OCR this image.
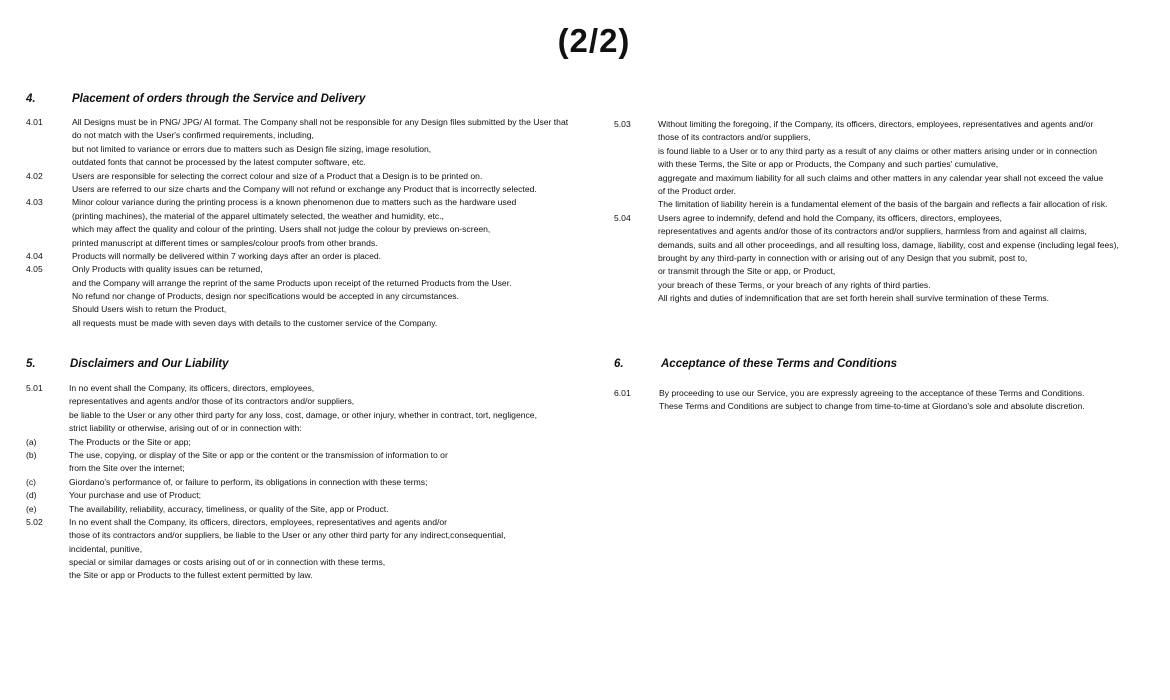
(2/2)
4.	Placement of orders through the Service and Delivery
4.01	All Designs must be in PNG/ JPG/ AI format. The Company shall not be responsible for any Design files submitted by the User that
do not match with the User's confirmed requirements, including,
but not limited to variance or errors due to matters such as Design file sizing, image resolution,
outdated fonts that cannot be processed by the latest computer software, etc.
4.02	Users are responsible for selecting the correct colour and size of a Product that a Design is to be printed on.
Users are referred to our size charts and the Company will not refund or exchange any Product that is incorrectly selected.
4.03	Minor colour variance during the printing process is a known phenomenon due to matters such as the hardware used
(printing machines), the material of the apparel ultimately selected, the weather and humidity, etc.,
which may affect the quality and colour of the printing. Users shall not judge the colour by previews on-screen,
printed manuscript at different times or samples/colour proofs from other brands.
4.04	Products will normally be delivered within 7 working days after an order is placed.
4.05	Only Products with quality issues can be returned,
and the Company will arrange the reprint of the same Products upon receipt of the returned Products from the User.
No refund nor change of Products, design nor specifications would be accepted in any circumstances.
Should Users wish to return the Product,
all requests must be made with seven days with details to the customer service of the Company.
5.	Disclaimers and Our Liability
5.01	In no event shall the Company, its officers, directors, employees,
representatives and agents and/or those of its contractors and/or suppliers,
be liable to the User or any other third party for any loss, cost, damage, or other injury, whether in contract, tort, negligence,
strict liability or otherwise, arising out of or in connection with:
(a)	The Products or the Site or app;
(b)	The use, copying, or display of the Site or app or the content or the transmission of information to or
from the Site over the internet;
(c)	Giordano's performance of, or failure to perform, its obligations in connection with these terms;
(d)	Your purchase and use of Product;
(e)	The availability, reliability, accuracy, timeliness, or quality of the Site, app or Product.
5.02	In no event shall the Company, its officers, directors, employees, representatives and agents and/or
those of its contractors and/or suppliers, be liable to the User or any other third party for any indirect,consequential,
incidental, punitive,
special or similar damages or costs arising out of or in connection with these terms,
the Site or app or Products to the fullest extent permitted by law.
5.03	Without limiting the foregoing, if the Company, its officers, directors, employees, representatives and agents and/or
those of its contractors and/or suppliers,
is found liable to a User or to any third party as a result of any claims or other matters arising under or in connection
with these Terms, the Site or app or Products, the Company and such parties' cumulative,
aggregate and maximum liability for all such claims and other matters in any calendar year shall not exceed the value
of the Product order.
The limitation of liability herein is a fundamental element of the basis of the bargain and reflects a fair allocation of risk.
5.04	Users agree to indemnify, defend and hold the Company, its officers, directors, employees,
representatives and agents and/or those of its contractors and/or suppliers, harmless from and against all claims,
demands, suits and all other proceedings, and all resulting loss, damage, liability, cost and expense (including legal fees),
brought by any third-party in connection with or arising out of any Design that you submit, post to,
or transmit through the Site or app, or Product,
your breach of these Terms, or your breach of any rights of third parties.
All rights and duties of indemnification that are set forth herein shall survive termination of these Terms.
6.	Acceptance of these Terms and Conditions
6.01	By proceeding to use our Service, you are expressly agreeing to the acceptance of these Terms and Conditions.
These Terms and Conditions are subject to change from time-to-time at Giordano's sole and absolute discretion.
